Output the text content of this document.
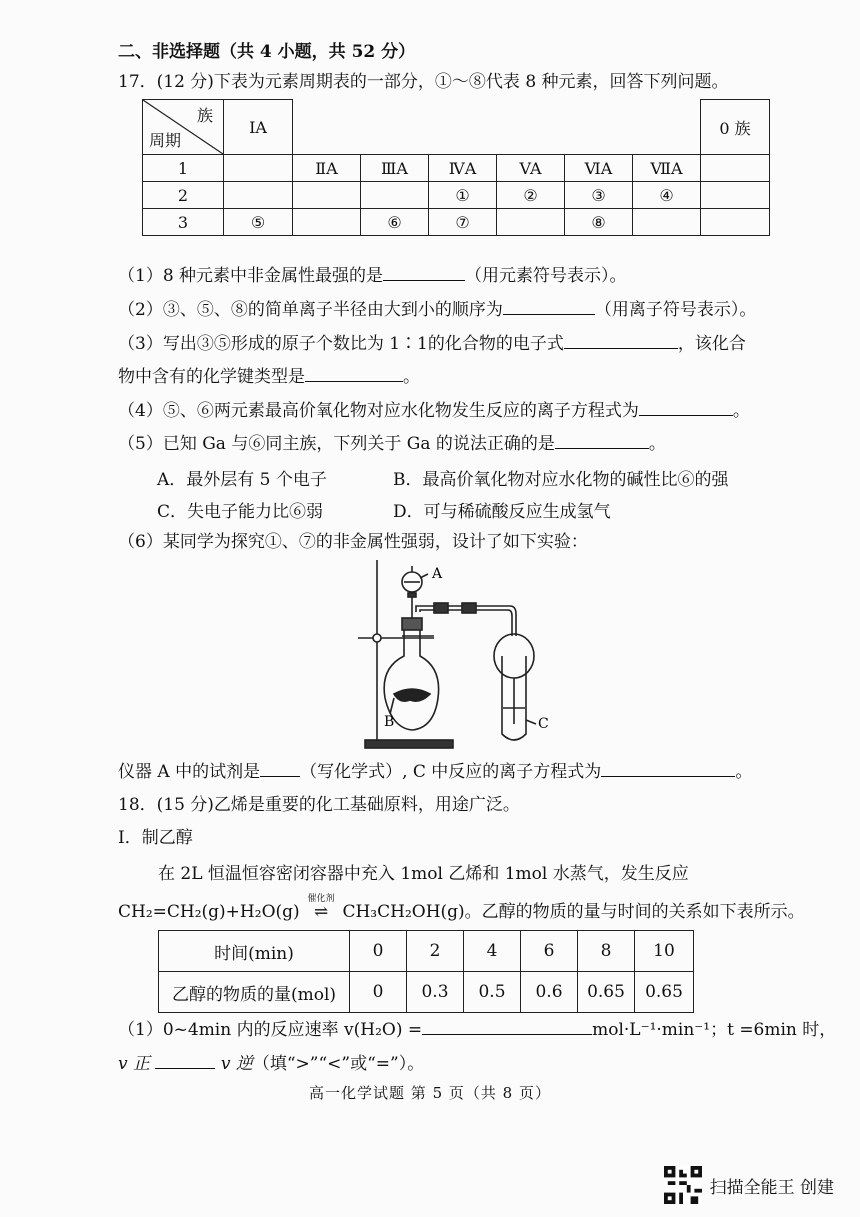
二、非选择题（共 4 小题，共 52 分）
17．(12 分)下表为元素周期表的一部分，①～⑧代表 8 种元素，回答下列问题。
族
周期	IA							0 族

1		ⅡA	ⅢA	ⅣA	VA	ⅥA	ⅦA	
2				①	②	③	④	
3	⑤		⑥	⑦		⑧		
（1）8 种元素中非金属性最强的是	（用元素符号表示）。
（2）③、⑤、⑧的简单离子半径由大到小的顺序为	（用离子符号表示）。
（3）写出③⑤形成的原子个数比为 1∶1的化合物的电子式	，该化合
物中含有的化学键类型是	。
（4）⑤、⑥两元素最高价氧化物对应水化物发生反应的离子方程式为	。
（5）已知 Ga 与⑥同主族，下列关于 Ga 的说法正确的是	。
A．最外层有 5 个电子	B．最高价氧化物对应水化物的碱性比⑥的强
C．失电子能力比⑥弱	D．可与稀硫酸反应生成氢气
（6）某同学为探究①、⑦的非金属性强弱，设计了如下实验：
A
B	C
仪器 A 中的试剂是 （写化学式）, C 中反应的离子方程式为	。
18．(15 分)乙烯是重要的化工基础原料，用途广泛。
Ⅰ．制乙醇
在 2L 恒温恒容密闭容器中充入 1mol 乙烯和 1mol 水蒸气，发生反应
CH₂=CH₂(g)+H₂O(g)
催化剂
⇌ CH₃CH₂OH(g)。乙醇的物质的量与时间的关系如下表所示。
时间(min)	0	2	4	6	8	10
乙醇的物质的量(mol)	0	0.3	0.5	0.6	0.65	0.65
（1）0~4min 内的反应速率 v(H₂O) =	mol·L⁻¹·min⁻¹；t =6min 时，
v 正	v 逆（填“>”“<”或“=”）。
高一化学试题 第 5 页（共 8 页）
扫描全能王 创建
